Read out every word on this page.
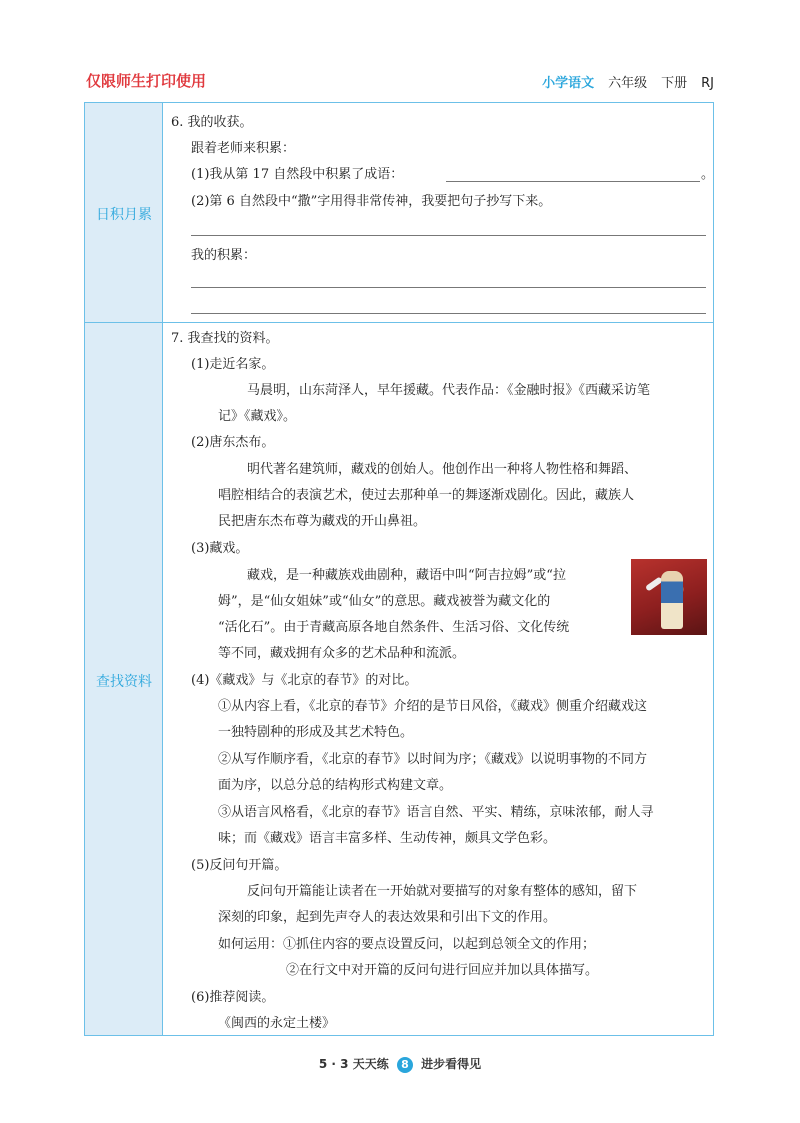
仅限师生打印使用	小学语文 六年级 下册 RJ
日积月累
查找资料
6. 我的收获。
跟着老师来积累：
(1)我从第 17 自然段中积累了成语：	。
(2)第 6 自然段中“撒”字用得非常传神，我要把句子抄写下来。
我的积累：
7. 我查找的资料。
(1)走近名家。
马晨明，山东菏泽人，早年援藏。代表作品：《金融时报》《西藏采访笔
记》《藏戏》。
(2)唐东杰布。
明代著名建筑师，藏戏的创始人。他创作出一种将人物性格和舞蹈、
唱腔相结合的表演艺术，使过去那种单一的舞逐渐戏剧化。因此，藏族人
民把唐东杰布尊为藏戏的开山鼻祖。
(3)藏戏。
藏戏，是一种藏族戏曲剧种，藏语中叫“阿吉拉姆”或“拉
姆”，是“仙女姐妹”或“仙女”的意思。藏戏被誉为藏文化的
“活化石”。由于青藏高原各地自然条件、生活习俗、文化传统
等不同，藏戏拥有众多的艺术品种和流派。
(4)《藏戏》与《北京的春节》的对比。
①从内容上看，《北京的春节》介绍的是节日风俗，《藏戏》侧重介绍藏戏这
一独特剧种的形成及其艺术特色。
②从写作顺序看，《北京的春节》以时间为序；《藏戏》以说明事物的不同方
面为序，以总分总的结构形式构建文章。
③从语言风格看，《北京的春节》语言自然、平实、精练，京味浓郁，耐人寻
味；而《藏戏》语言丰富多样、生动传神，颇具文学色彩。
(5)反问句开篇。
反问句开篇能让读者在一开始就对要描写的对象有整体的感知，留下
深刻的印象，起到先声夺人的表达效果和引出下文的作用。
如何运用：①抓住内容的要点设置反问，以起到总领全文的作用；
②在行文中对开篇的反问句进行回应并加以具体描写。
(6)推荐阅读。
《闽西的永定土楼》
5 · 3 天天练 8 进步看得见
